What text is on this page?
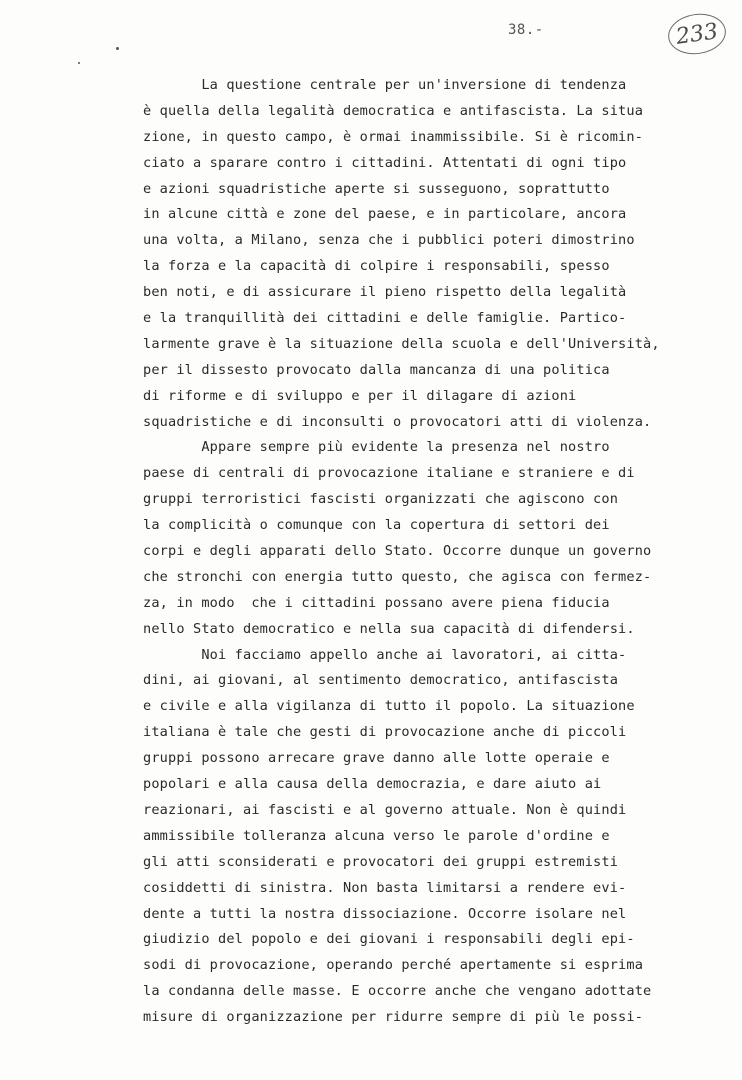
38.-	233
La questione centrale per un'inversione di tendenza
è quella della legalità democratica e antifascista. La situa
zione, in questo campo, è ormai inammissibile. Si è ricomin-
ciato a sparare contro i cittadini. Attentati di ogni tipo
e azioni squadristiche aperte si susseguono, soprattutto
in alcune città e zone del paese, e in particolare, ancora
una volta, a Milano, senza che i pubblici poteri dimostrino
la forza e la capacità di colpire i responsabili, spesso
ben noti, e di assicurare il pieno rispetto della legalità
e la tranquillità dei cittadini e delle famiglie. Partico-
larmente grave è la situazione della scuola e dell'Università,
per il dissesto provocato dalla mancanza di una politica
di riforme e di sviluppo e per il dilagare di azioni
squadristiche e di inconsulti o provocatori atti di violenza.
Appare sempre più evidente la presenza nel nostro
paese di centrali di provocazione italiane e straniere e di
gruppi terroristici fascisti organizzati che agiscono con
la complicità o comunque con la copertura di settori dei
corpi e degli apparati dello Stato. Occorre dunque un governo
che stronchi con energia tutto questo, che agisca con fermez-
za, in modo  che i cittadini possano avere piena fiducia
nello Stato democratico e nella sua capacità di difendersi.
Noi facciamo appello anche ai lavoratori, ai citta-
dini, ai giovani, al sentimento democratico, antifascista
e civile e alla vigilanza di tutto il popolo. La situazione
italiana è tale che gesti di provocazione anche di piccoli
gruppi possono arrecare grave danno alle lotte operaie e
popolari e alla causa della democrazia, e dare aiuto ai
reazionari, ai fascisti e al governo attuale. Non è quindi
ammissibile tolleranza alcuna verso le parole d'ordine e
gli atti sconsiderati e provocatori dei gruppi estremisti
cosiddetti di sinistra. Non basta limitarsi a rendere evi-
dente a tutti la nostra dissociazione. Occorre isolare nel
giudizio del popolo e dei giovani i responsabili degli epi-
sodi di provocazione, operando perché apertamente si esprima
la condanna delle masse. E occorre anche che vengano adottate
misure di organizzazione per ridurre sempre di più le possi-
